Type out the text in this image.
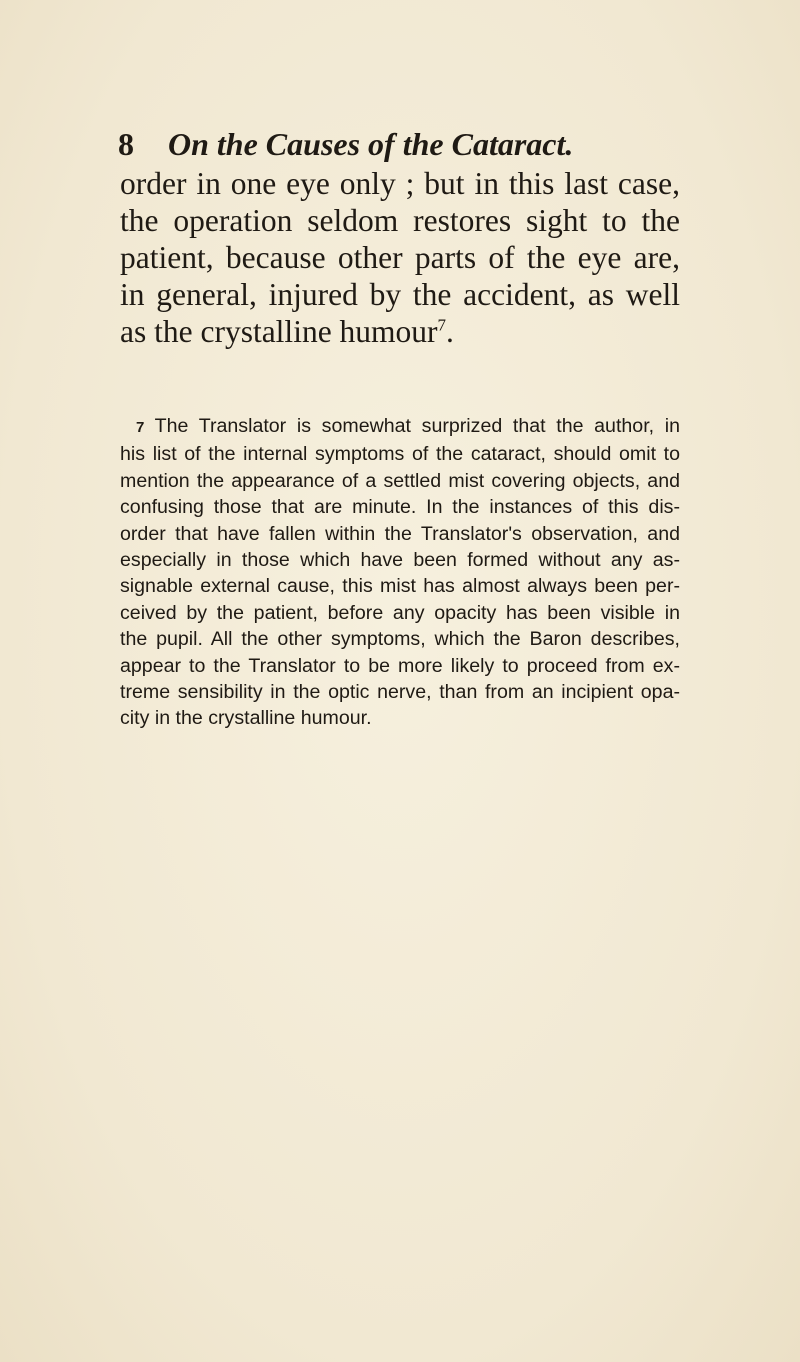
8 On the Causes of the Cataract.
order in one eye only ; but in this last case,
the operation seldom restores sight to the
patient, because other parts of the eye are,
in general, injured by the accident, as well
as the crystalline humour$^7$.
7 The Translator is somewhat surprized that the author, in
his list of the internal symptoms of the cataract, should omit to
mention the appearance of a settled mist covering objects, and
confusing those that are minute. In the instances of this dis-
order that have fallen within the Translator's observation, and
especially in those which have been formed without any as-
signable external cause, this mist has almost always been per-
ceived by the patient, before any opacity has been visible in
the pupil. All the other symptoms, which the Baron describes,
appear to the Translator to be more likely to proceed from ex-
treme sensibility in the optic nerve, than from an incipient opa-
city in the crystalline humour.
